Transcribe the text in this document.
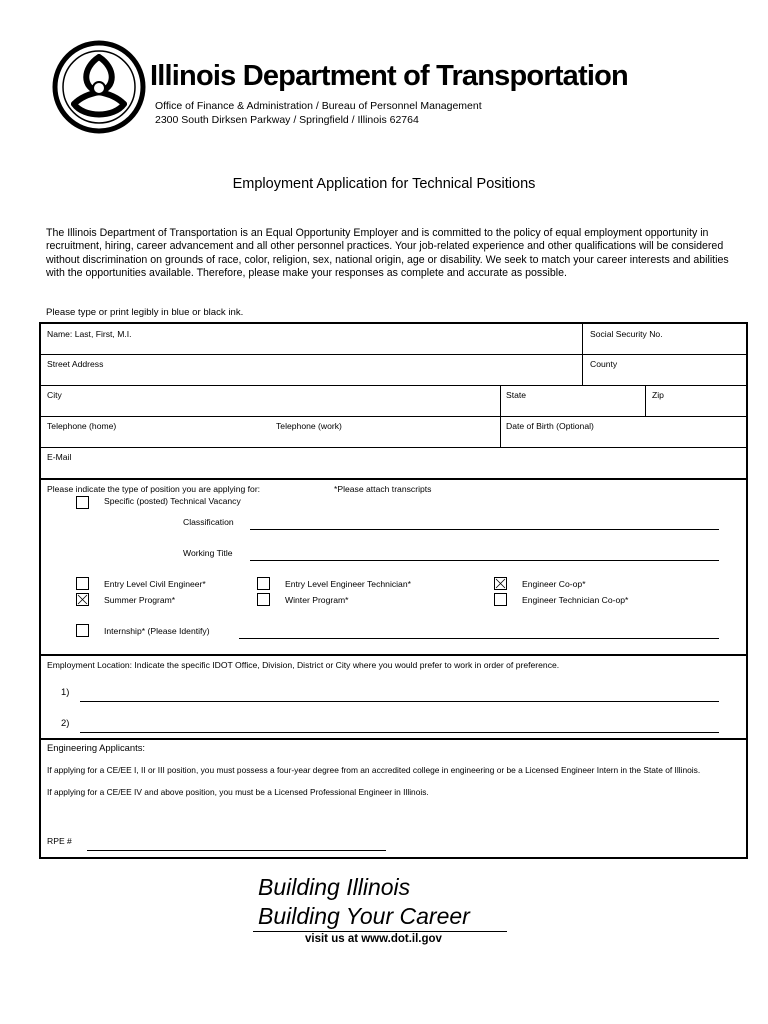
Illinois Department of Transportation
Office of Finance & Administration / Bureau of Personnel Management
2300 South Dirksen Parkway / Springfield / Illinois 62764
Employment Application for Technical Positions

The Illinois Department of Transportation is an Equal Opportunity Employer and is committed to the policy of equal employment opportunity in recruitment, hiring, career advancement and all other personnel practices. Your job-related experience and other qualifications will be considered without discrimination on grounds of race, color, religion, sex, national origin, age or disability. We seek to match your career interests and abilities with the opportunities available. Therefore, please make your responses as complete and accurate as possible.

Please type or print legibly in blue or black ink.
Name: Last, First, M.I.	Social Security No.
Street Address	County
City	State	Zip
Telephone (home)	Telephone (work)	Date of Birth (Optional)
E-Mail
Please indicate the type of position you are applying for:	*Please attach transcripts
Specific (posted) Technical Vacancy
Classification
Working Title
Entry Level Civil Engineer*	Entry Level Engineer Technician*	Engineer Co-op*
Summer Program*	Winter Program*	Engineer Technician Co-op*
Internship* (Please Identify)
Employment Location: Indicate the specific IDOT Office, Division, District or City where you would prefer to work in order of preference.
1)
2)
Engineering Applicants:
If applying for a CE/EE I, II or III position, you must possess a four-year degree from an accredited college in engineering or be a Licensed Engineer Intern in the State of Illinois.
If applying for a CE/EE IV and above position, you must be a Licensed Professional Engineer in Illinois.
RPE #
Building Illinois
Building Your Career
visit us at www.dot.il.gov
